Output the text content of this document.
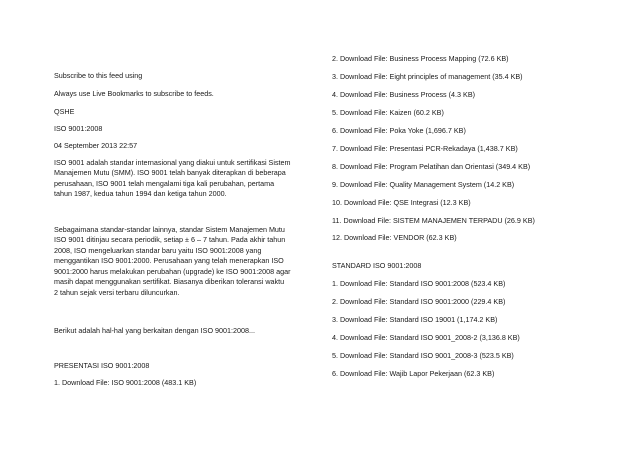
Subscribe to this feed using
Always use Live Bookmarks to subscribe to feeds.
QSHE
ISO 9001:2008
04 September 2013 22:57
ISO 9001 adalah standar internasional yang diakui untuk sertifikasi Sistem
Manajemen Mutu (SMM). ISO 9001 telah banyak diterapkan di beberapa
perusahaan, ISO 9001 telah mengalami tiga kali perubahan, pertama
tahun 1987, kedua tahun 1994 dan ketiga tahun 2000.
Sebagaimana standar-standar lainnya, standar Sistem Manajemen Mutu
ISO 9001 ditinjau secara periodik, setiap ± 6 – 7 tahun. Pada akhir tahun
2008, ISO mengeluarkan standar baru yaitu ISO 9001:2008 yang
menggantikan ISO 9001:2000. Perusahaan yang telah menerapkan ISO
9001:2000 harus melakukan perubahan (upgrade) ke ISO 9001:2008 agar
masih dapat menggunakan sertifikat. Biasanya diberikan toleransi waktu
2 tahun sejak versi terbaru diluncurkan.
Berikut adalah hal-hal yang berkaitan dengan ISO 9001:2008...
PRESENTASI ISO 9001:2008
1. Download File: ISO 9001:2008 (483.1 KB)
2. Download File: Business Process Mapping (72.6 KB)
3. Download File: Eight principles of management (35.4 KB)
4. Download File: Business Process (4.3 KB)
5. Download File: Kaizen (60.2 KB)
6. Download File: Poka Yoke (1,696.7 KB)
7. Download File: Presentasi PCR-Rekadaya (1,438.7 KB)
8. Download File: Program Pelatihan dan Orientasi (349.4 KB)
9. Download File: Quality Management System (14.2 KB)
10. Download File: QSE Integrasi (12.3 KB)
11. Download File: SISTEM MANAJEMEN TERPADU (26.9 KB)
12. Download File: VENDOR (62.3 KB)
STANDARD ISO 9001:2008
1. Download File: Standard ISO 9001:2008 (523.4 KB)
2. Download File: Standard ISO 9001:2000 (229.4 KB)
3. Download File: Standard ISO 19001 (1,174.2 KB)
4. Download File: Standard ISO 9001_2008-2 (3,136.8 KB)
5. Download File: Standard ISO 9001_2008-3 (523.5 KB)
6. Download File: Wajib Lapor Pekerjaan (62.3 KB)
